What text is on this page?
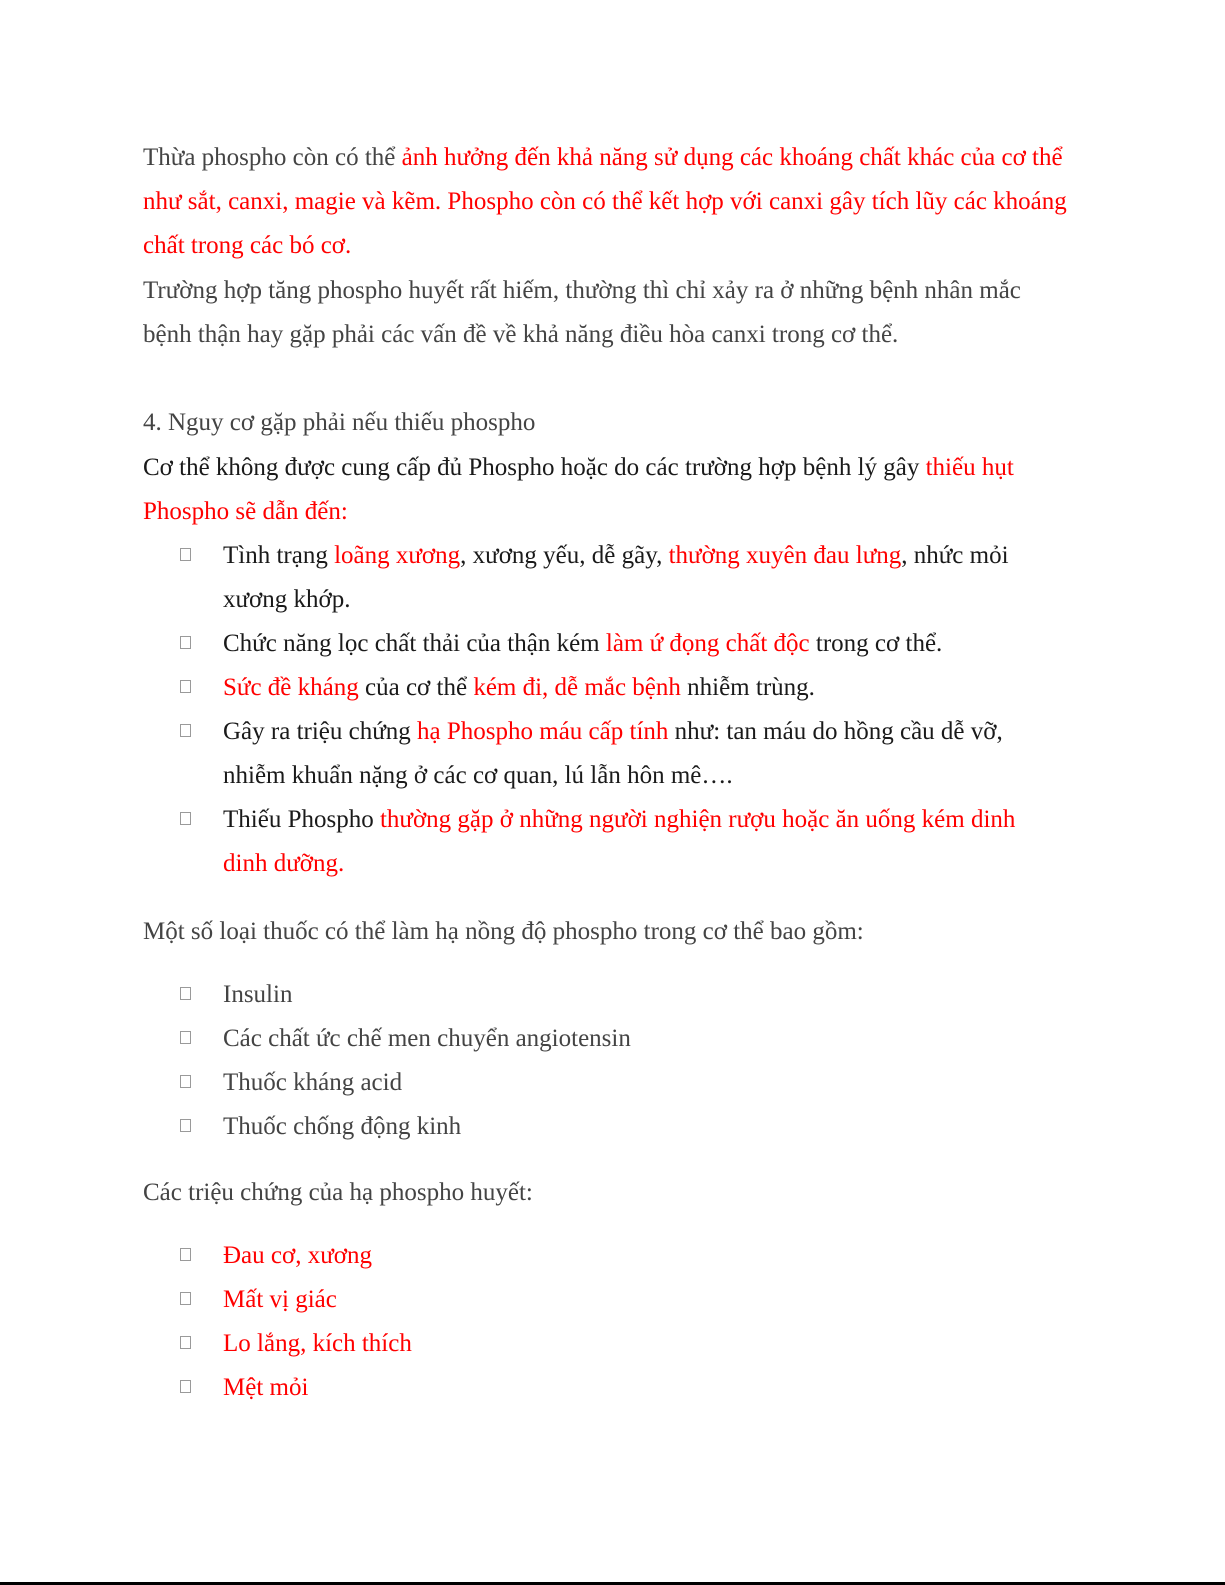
Thừa phospho còn có thể ảnh hưởng đến khả năng sử dụng các khoáng chất khác của cơ thể như sắt, canxi, magie và kẽm. Phospho còn có thể kết hợp với canxi gây tích lũy các khoáng chất trong các bó cơ.
Trường hợp tăng phospho huyết rất hiếm, thường thì chỉ xảy ra ở những bệnh nhân mắc bệnh thận hay gặp phải các vấn đề về khả năng điều hòa canxi trong cơ thể.
4. Nguy cơ gặp phải nếu thiếu phospho
Cơ thể không được cung cấp đủ Phospho hoặc do các trường hợp bệnh lý gây thiếu hụt Phospho sẽ dẫn đến:
Tình trạng loãng xương, xương yếu, dễ gãy, thường xuyên đau lưng, nhức mỏi xương khớp.
Chức năng lọc chất thải của thận kém làm ứ đọng chất độc trong cơ thể.
Sức đề kháng của cơ thể kém đi, dễ mắc bệnh nhiễm trùng.
Gây ra triệu chứng hạ Phospho máu cấp tính như: tan máu do hồng cầu dễ vỡ, nhiễm khuẩn nặng ở các cơ quan, lú lẫn hôn mê….
Thiếu Phospho thường gặp ở những người nghiện rượu hoặc ăn uống kém dinh dinh dưỡng.
Một số loại thuốc có thể làm hạ nồng độ phospho trong cơ thể bao gồm:
Insulin
Các chất ức chế men chuyển angiotensin
Thuốc kháng acid
Thuốc chống động kinh
Các triệu chứng của hạ phospho huyết:
Đau cơ, xương
Mất vị giác
Lo lắng, kích thích
Mệt mỏi
